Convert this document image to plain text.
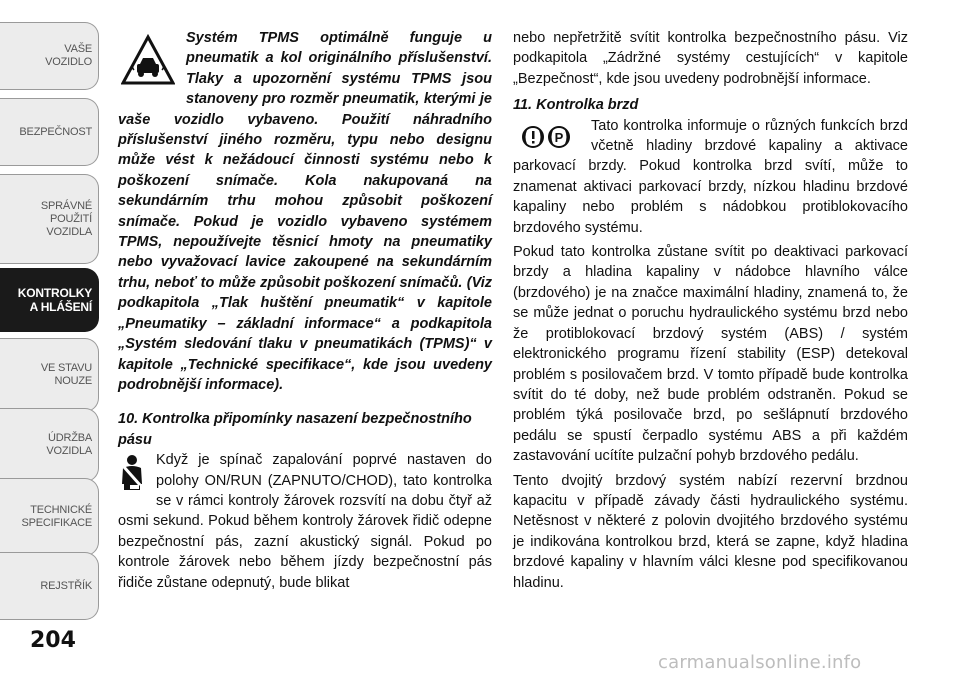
VAŠE
VOZIDLO
BEZPEČNOST
SPRÁVNÉ
POUŽITÍ
VOZIDLA
KONTROLKY
A HLÁŠENÍ
VE STAVU
NOUZE
ÚDRŽBA
VOZIDLA
TECHNICKÉ
SPECIFIKACE
REJSTŘÍK
204
Systém TPMS optimálně funguje u pneumatik a kol originálního příslušenství. Tlaky a upozornění systému TPMS jsou stanoveny pro rozměr pneumatik, kterými je vaše vozidlo vybaveno. Použití náhradního příslušenství jiného rozměru, typu nebo designu může vést k nežádoucí činnosti systému nebo k poškození snímače. Kola nakupovaná na sekundárním trhu mohou způsobit poškození snímače. Pokud je vozidlo vybaveno systémem TPMS, nepoužívejte těsnicí hmoty na pneumatiky nebo vyvažovací lavice zakoupené na sekundárním trhu, neboť to může způsobit poškození snímačů. (Viz podkapitola „Tlak huštění pneumatik“ v kapitole „Pneumatiky – základní informace“ a podkapitola „Systém sledování tlaku v pneumatikách (TPMS)“ v kapitole „Technické specifikace“, kde jsou uvedeny podrobnější informace).
10. Kontrolka připomínky nasazení bezpečnostního pásu

Když je spínač zapalování poprvé nastaven do polohy ON/RUN (ZAPNUTO/CHOD), tato kontrolka se v rámci kontroly žárovek rozsvítí na dobu čtyř až osmi sekund. Pokud během kontroly žárovek řidič odepne bezpečnostní pás, zazní akustický signál. Pokud po kontrole žárovek nebo během jízdy bezpečnostní pás řidiče zůstane odepnutý, bude blikat

nebo nepřetržitě svítit kontrolka bezpečnostního pásu. Viz podkapitola „Zádržné systémy cestujících“ v kapitole „Bezpečnost“, kde jsou uvedeny podrobnější informace.

11. Kontrolka brzd

P
Tato kontrolka informuje o různých funkcích brzd včetně hladiny brzdové kapaliny a aktivace parkovací brzdy. Pokud kontrolka brzd svítí, může to znamenat aktivaci parkovací brzdy, nízkou hladinu brzdové kapaliny nebo problém s nádobkou protiblokovacího brzdového systému.

Pokud tato kontrolka zůstane svítit po deaktivaci parkovací brzdy a hladina kapaliny v nádobce hlavního válce (brzdového) je na značce maximální hladiny, znamená to, že se může jednat o poruchu hydraulického systému brzd nebo že protiblokovací brzdový systém (ABS) / systém elektronického programu řízení stability (ESP) detekoval problém s posilovačem brzd. V tomto případě bude kontrolka svítit do té doby, než bude problém odstraněn. Pokud se problém týká posilovače brzd, po sešlápnutí brzdového pedálu se spustí čerpadlo systému ABS a při každém zastavování ucítíte pulzační pohyb brzdového pedálu.

Tento dvojitý brzdový systém nabízí rezervní brzdnou kapacitu v případě závady části hydraulického systému. Netěsnost v některé z polovin dvojitého brzdového systému je indikována kontrolkou brzd, která se zapne, když hladina brzdové kapaliny v hlavním válci klesne pod specifikovanou hladinu.

carmanualsonline.info
